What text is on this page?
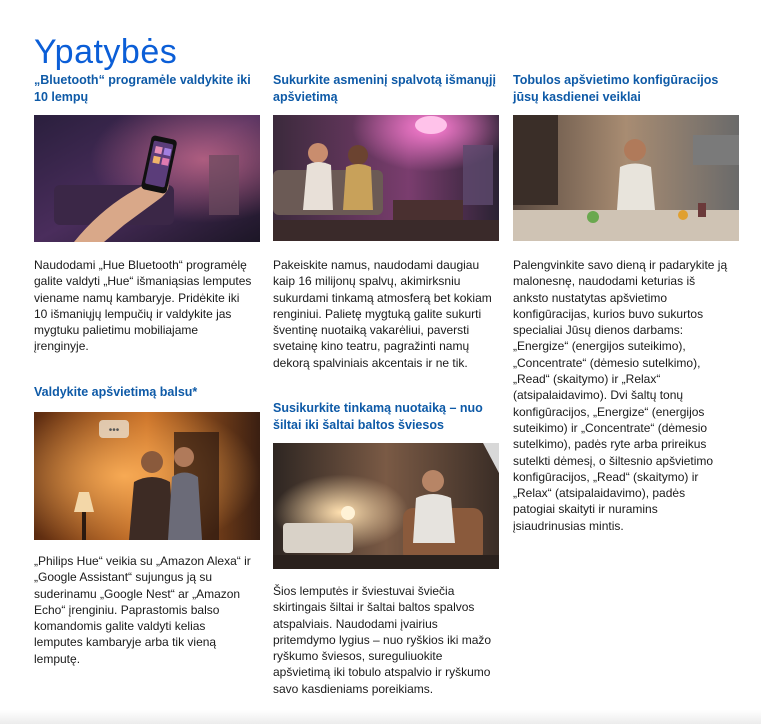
Ypatybės
„Bluetooth“ programėle valdykite iki 10 lempų

Naudodami „Hue Bluetooth“ programėlę galite valdyti „Hue“ išmaniąsias lemputes viename namų kambaryje. Pridėkite iki 10 išmaniųjų lempučių ir valdykite jas mygtuku palietimu mobiliajame įrenginyje.

Valdykite apšvietimą balsu*
•••

„Philips Hue“ veikia su „Amazon Alexa“ ir „Google Assistant“ sujungus ją su suderinamu „Google Nest“ ar „Amazon Echo“ įrenginiu. Paprastomis balso komandomis galite valdyti kelias lemputes kambaryje arba tik vieną lemputę.

Sukurkite asmeninį spalvotą išmanųjį apšvietimą

Pakeiskite namus, naudodami daugiau kaip 16 milijonų spalvų, akimirksniu sukurdami tinkamą atmosferą bet kokiam renginiui. Palietę mygtuką galite sukurti šventinę nuotaiką vakarėliui, paversti svetainę kino teatru, pagražinti namų dekorą spalviniais akcentais ir ne tik.

Susikurkite tinkamą nuotaiką – nuo šiltai iki šaltai baltos šviesos

Šios lemputės ir šviestuvai šviečia skirtingais šiltai ir šaltai baltos spalvos atspalviais. Naudodami įvairius pritemdymo lygius – nuo ryškios iki mažo ryškumo šviesos, sureguliuokite apšvietimą iki tobulo atspalvio ir ryškumo savo kasdieniams poreikiams.

Tobulos apšvietimo konfigūracijos jūsų kasdienei veiklai

Palengvinkite savo dieną ir padarykite ją malonesnę, naudodami keturias iš anksto nustatytas apšvietimo konfigūracijas, kurios buvo sukurtos specialiai Jūsų dienos darbams: „Energize“ (energijos suteikimo), „Concentrate“ (dėmesio sutelkimo), „Read“ (skaitymo) ir „Relax“ (atsipalaidavimo). Dvi šaltų tonų konfigūracijos, „Energize“ (energijos suteikimo) ir „Concentrate“ (dėmesio sutelkimo), padės ryte arba prireikus sutelkti dėmesį, o šiltesnio apšvietimo konfigūracijos, „Read“ (skaitymo) ir „Relax“ (atsipalaidavimo), padės patogiai skaityti ir nuramins įsiaudrinusias mintis.
